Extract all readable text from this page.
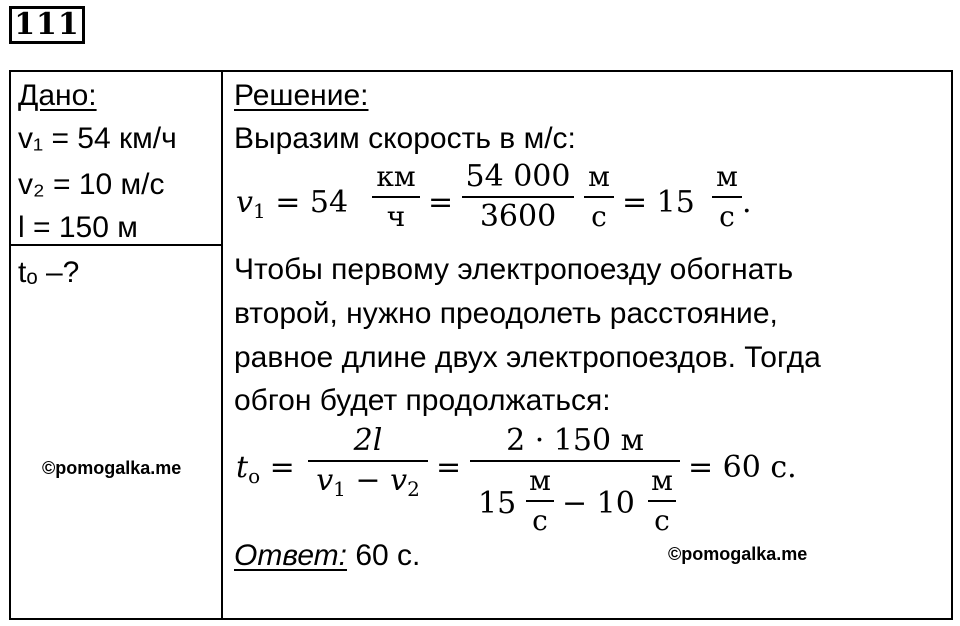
111
Дано:
v₁ = 54 км/ч
v₂ = 10 м/с
l = 150 м
tₒ –?
©pomogalka.me
Решение:
Выразим скорость в м/с:
$v_1 = 54$
км
ч =
54 000
3600
м
с = 15
м
с .
Чтобы первому электропоезду обогнать
второй, нужно преодолеть расстояние,
равное длине двух электропоездов. Тогда
обгон будет продолжаться:
$t_о$ =
2l
$v_1 - v_2$
=
2 · 150 м
15
м
с − 10
м
с
= 60 с.
Ответ: 60 с.	©pomogalka.me
